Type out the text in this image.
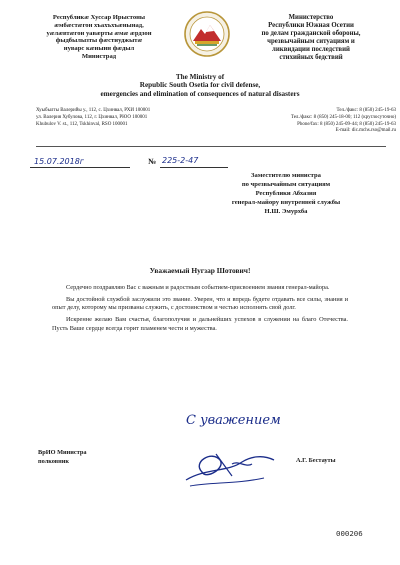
Республикæ Хуссар Ирыстоны
æмбæстæгон хъахъхъæнынад,
уæлæвтæгон уавæрты æмæ æрдзон
фыдбылызты фæстиуджытæ
нуварс кæнынн фæдыл
Министрад
Министерство
Республики Южная Осетии
по делам гражданской обороны,
чрезвычайным ситуациям и
ликвидации последствий
стихийных бедствий
The Ministry of
Republic South Osetia for civil defense,
emergencies and elimination of consequences of natural disasters
Хуыбылты Валерийы у., 112, с. Цхинвал, РХИ 100001
ул. Валерия Хубулова, 112, г. Цхинвал, РЮО 100001
Khubulov V. st., 112, Tskhinval, RSO 100001
Тел./факс: 8 (850) 245-19-63
Тел./факс: 8 (850) 245-18-00; 112 (круглосуточно)
Phone/fax: 8 (850) 245-09-44; 8 (850) 245-19-63
E-mail: dic.mchs.rso@mail.ru
15.07.2018г	№ 225-2-47
Заместителю министра
по чрезвычайным ситуациям
Республики Абхазия
генерал-майору внутренней службы
Н.Ш. Эмурхба
Уважаемый Нугзар Шотович!

Сердечно поздравляю Вас с важным и радостным событием-присвоением звания генерал-майора.

Вы достойной службой заслужили это звание. Уверен, что и впредь будете отдавать все силы, знания и опыт делу, которому мы призваны служить, с достоинством и честью исполнять свой долг.

Искренне желаю Вам счастья, благополучия и дальнейших успехов в служении на благо Отечества. Пусть Ваше сердце всегда горит пламенем чести и мужества.

С уважением
ВрИО Министра
полковник	А.Г. Бестауты
000206
